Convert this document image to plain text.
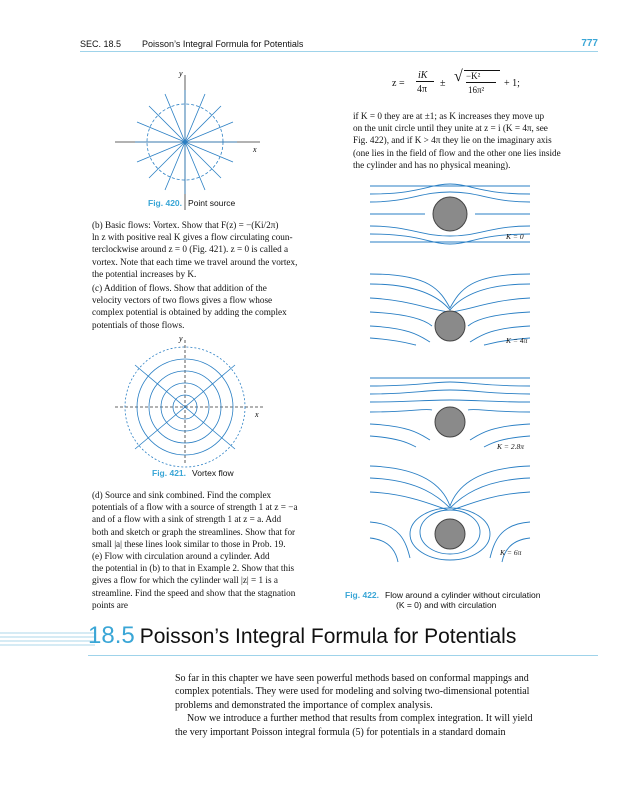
SEC. 18.5 Poisson’s Integral Formula for Potentials	777
y
x
Fig. 420. Point source
(b) Basic flows: Vortex. Show that F(z) = −(Ki/2π)
ln z with positive real K gives a flow circulating coun-
terclockwise around z = 0 (Fig. 421). z = 0 is called a
vortex. Note that each time we travel around the vortex,
the potential increases by K.
(c) Addition of flows. Show that addition of the
velocity vectors of two flows gives a flow whose
complex potential is obtained by adding the complex
potentials of those flows.
y
x
Fig. 421. Vortex flow
(d) Source and sink combined. Find the complex
potentials of a flow with a source of strength 1 at z = −a
and of a flow with a sink of strength 1 at z = a. Add
both and sketch or graph the streamlines. Show that for
small |a| these lines look similar to those in Prob. 19.
(e) Flow with circulation around a cylinder. Add
the potential in (b) to that in Example 2. Show that this
gives a flow for which the cylinder wall |z| = 1 is a
streamline. Find the speed and show that the stagnation
points are
z =
iK
4π
± √ −K²
16π²
+ 1;
if K = 0 they are at ±1; as K increases they move up
on the unit circle until they unite at z = i (K = 4π, see
Fig. 422), and if K > 4π they lie on the imaginary axis
(one lies in the field of flow and the other one lies inside
the cylinder and has no physical meaning).
K = 0
K = 4π
K = 2.8π
K = 6π
Fig. 422. Flow around a cylinder without circulation
(K = 0) and with circulation
18.5 Poisson’s Integral Formula for Potentials
So far in this chapter we have seen powerful methods based on conformal mappings and
complex potentials. They were used for modeling and solving two-dimensional potential
problems and demonstrated the importance of complex analysis.
Now we introduce a further method that results from complex integration. It will yield
the very important Poisson integral formula (5) for potentials in a standard domain
